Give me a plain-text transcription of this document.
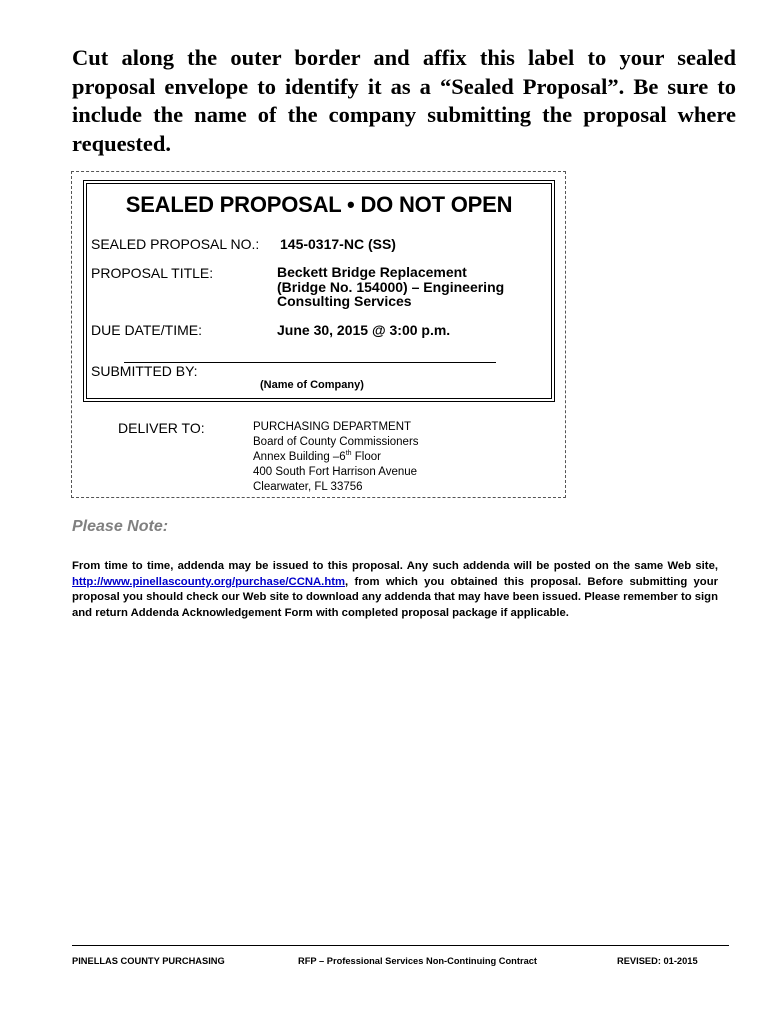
Cut along the outer border and affix this label to your sealed proposal envelope to identify it as a “Sealed Proposal”. Be sure to include the name of the company submitting the proposal where requested.

SEALED PROPOSAL • DO NOT OPEN
SEALED PROPOSAL NO.: 145-0317-NC (SS)
PROPOSAL TITLE:	Beckett Bridge Replacement
(Bridge No. 154000) – Engineering
Consulting Services
DUE DATE/TIME:	June 30, 2015 @ 3:00 p.m.
SUBMITTED BY:
(Name of Company)
DELIVER TO:	PURCHASING DEPARTMENT
Board of County Commissioners
Annex Building –6th Floor
400 South Fort Harrison Avenue
Clearwater, FL 33756
Please Note:

From time to time, addenda may be issued to this proposal. Any such addenda will be posted on the same Web site, http://www.pinellascounty.org/purchase/CCNA.htm, from which you obtained this proposal. Before submitting your proposal you should check our Web site to download any addenda that may have been issued. Please remember to sign and return Addenda Acknowledgement Form with completed proposal package if applicable.

PINELLAS COUNTY PURCHASING	RFP – Professional Services Non-Continuing Contract	REVISED: 01-2015
